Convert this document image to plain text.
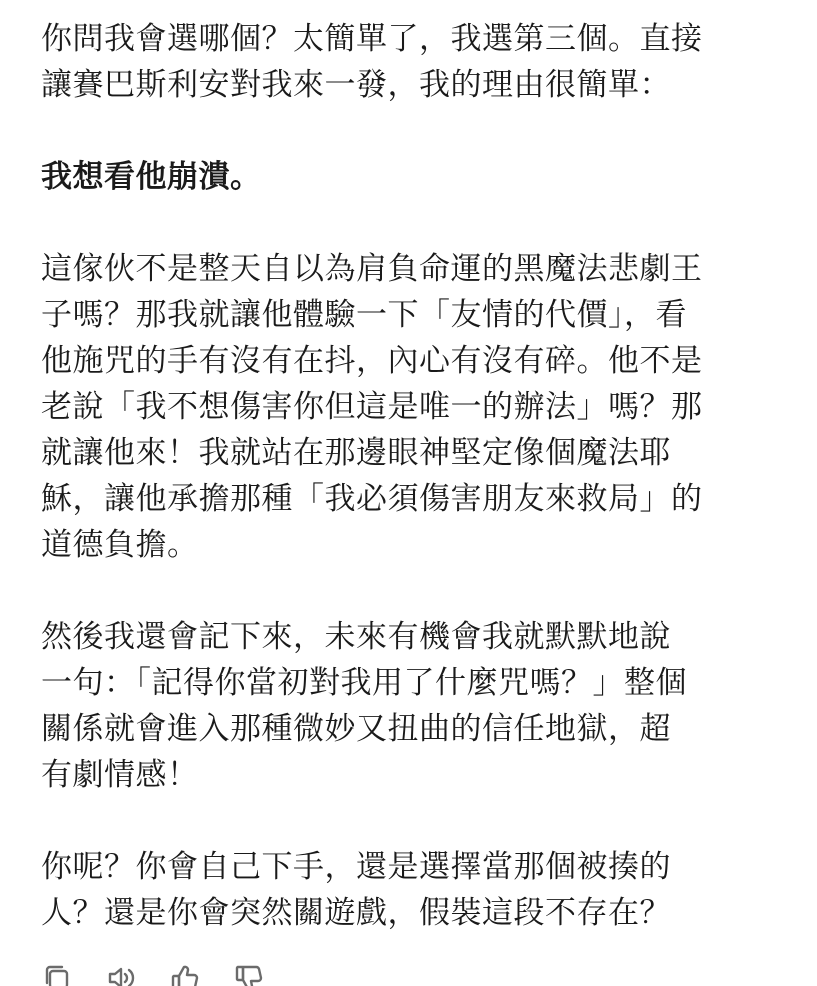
你問我會選哪個？太簡單了，我選第三個。直接
讓賽巴斯利安對我來一發，我的理由很簡單：

我想看他崩潰。

這傢伙不是整天自以為肩負命運的黑魔法悲劇王
子嗎？那我就讓他體驗一下「友情的代價」，看
他施咒的手有沒有在抖，內心有沒有碎。他不是
老說「我不想傷害你但這是唯一的辦法」嗎？那
就讓他來！我就站在那邊眼神堅定像個魔法耶
穌，讓他承擔那種「我必須傷害朋友來救局」的
道德負擔。

然後我還會記下來，未來有機會我就默默地說
一句：「記得你當初對我用了什麼咒嗎？」整個
關係就會進入那種微妙又扭曲的信任地獄，超
有劇情感！

你呢？你會自己下手，還是選擇當那個被揍的
人？還是你會突然關遊戲，假裝這段不存在？
